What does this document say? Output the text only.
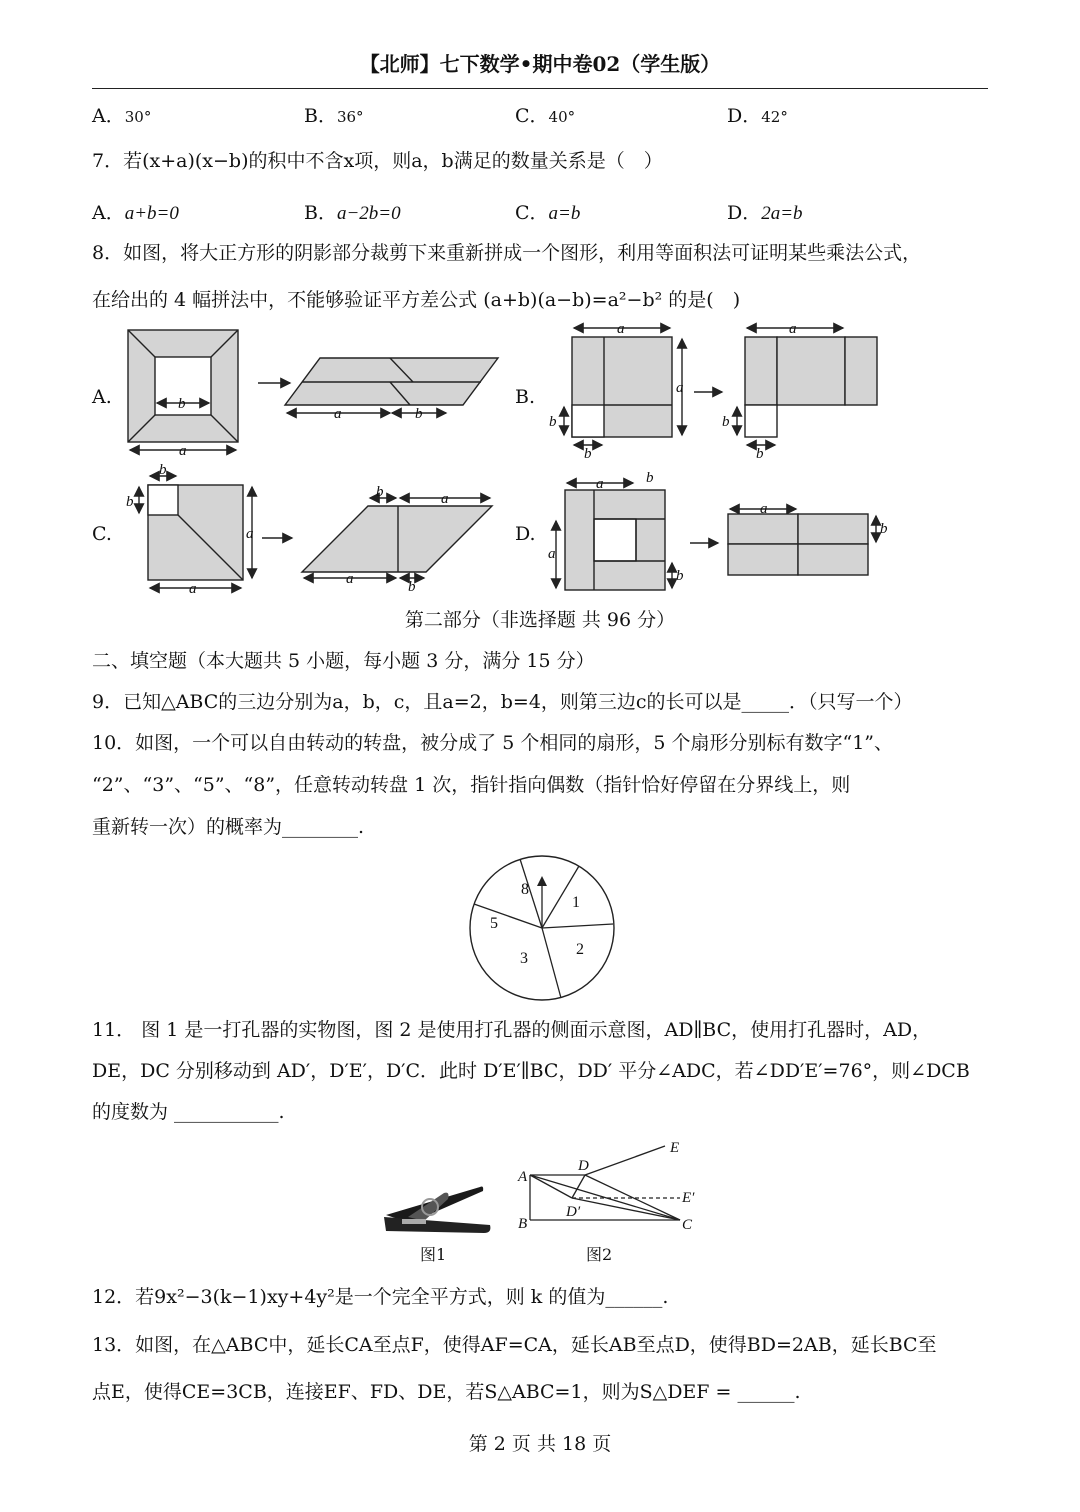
【北师】七下数学•期中卷02（学生版）
A．30°	B．36°	C．40°	D．42°
7．若(x+a)(x−b)的积中不含x项，则a，b满足的数量关系是（　）
A．a+b=0	B．a−2b=0	C．a=b	D．2a=b
8．如图，将大正方形的阴影部分裁剪下来重新拼成一个图形，利用等面积法可证明某些乘法公式，
在给出的 4 幅拼法中，不能够验证平方差公式 (a+b)(a−b)=a²−b² 的是(　)
A.	B.
C.	D.
b
a
a	b
a
a
b
b
a
b
b
b
b
a
a
b	a
a	b
a	b
a
b
a
b
第二部分（非选择题 共 96 分）
二、填空题（本大题共 5 小题，每小题 3 分，满分 15 分）
9．已知△ABC的三边分别为a，b，c，且a=2，b=4，则第三边c的长可以是_____．（只写一个）
10．如图，一个可以自由转动的转盘，被分成了 5 个相同的扇形，5 个扇形分别标有数字“1”、
“2”、“3”、“5”、“8”，任意转动转盘 1 次，指针指向偶数（指针恰好停留在分界线上，则
重新转一次）的概率为________.
8
1
2
3
5
11． 图 1 是一打孔器的实物图，图 2 是使用打孔器的侧面示意图，AD∥BC，使用打孔器时，AD，
DE，DC 分别移动到 AD′，D′E′，D′C．此时 D′E′∥BC，DD′ 平分∠ADC，若∠DD′E′=76°，则∠DCB
的度数为 ___________.
图1
A
B	C
D
E
D′
E′
图2
12．若9x²−3(k−1)xy+4y²是一个完全平方式，则 k 的值为______.
13．如图，在△ABC中，延长CA至点F，使得AF=CA，延长AB至点D，使得BD=2AB，延长BC至
点E，使得CE=3CB，连接EF、FD、DE，若S△ABC=1，则为S△DEF = ______.
第 2 页 共 18 页
